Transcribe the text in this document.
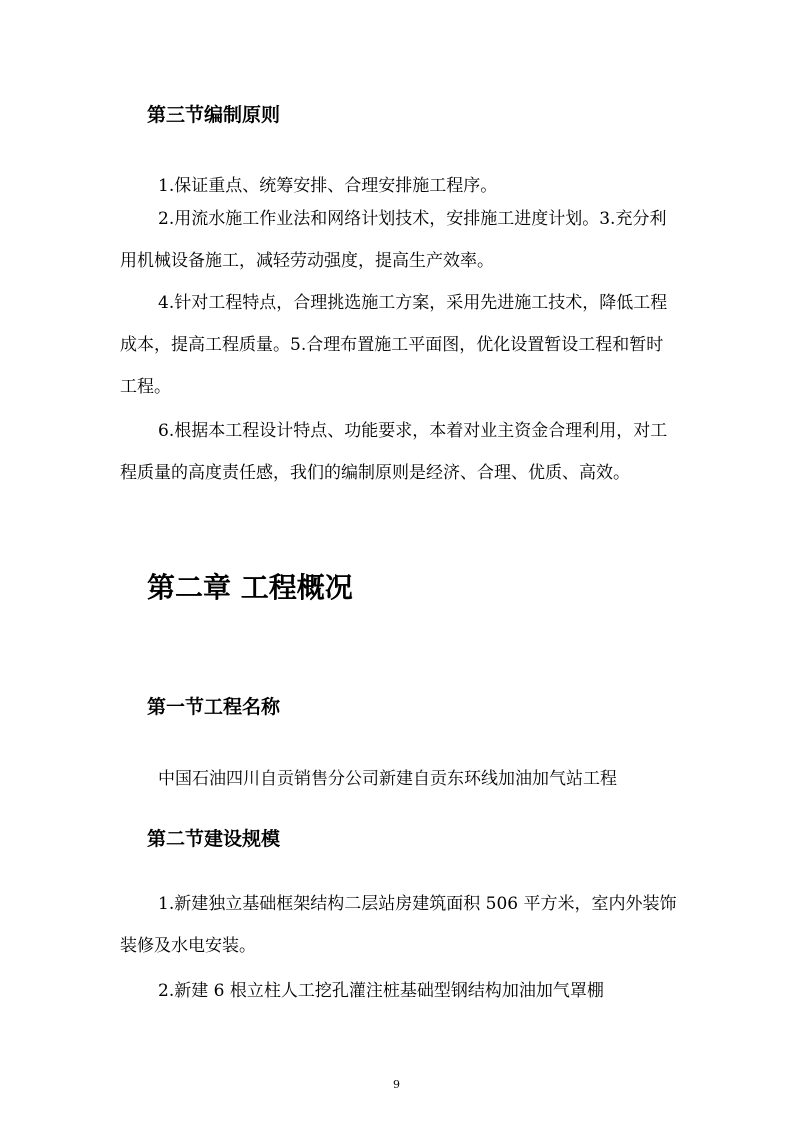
第三节编制原则
1.保证重点、统筹安排、合理安排施工程序。

2.用流水施工作业法和网络计划技术，安排施工进度计划。3.充分利用机械设备施工，减轻劳动强度，提高生产效率。

4.针对工程特点，合理挑选施工方案，采用先进施工技术，降低工程成本，提高工程质量。5.合理布置施工平面图，优化设置暂设工程和暂时工程。

6.根据本工程设计特点、功能要求，本着对业主资金合理利用，对工程质量的高度责任感，我们的编制原则是经济、合理、优质、高效。

第二章 工程概况
第一节工程名称
中国石油四川自贡销售分公司新建自贡东环线加油加气站工程
第二节建设规模

1.新建独立基础框架结构二层站房建筑面积 506 平方米，室内外装饰装修及水电安装。

2.新建 6 根立柱人工挖孔灌注桩基础型钢结构加油加气罩棚
9
